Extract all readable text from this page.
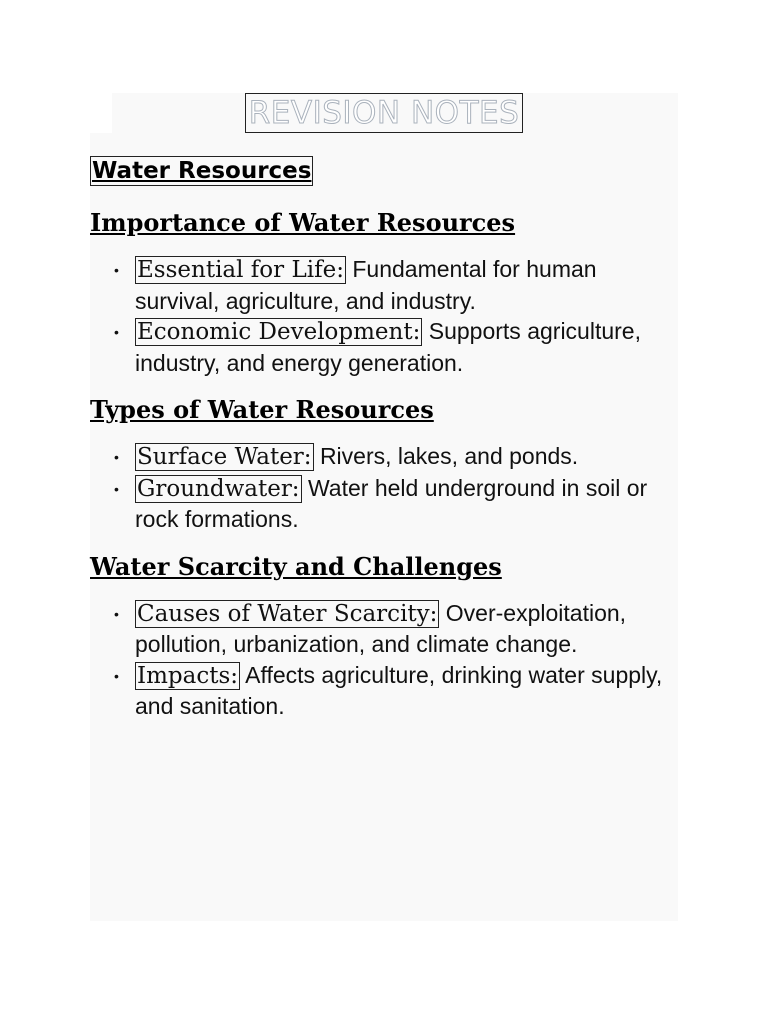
REVISION NOTES
Water Resources
Importance of Water Resources
• Essential for Life: Fundamental for human survival, agriculture, and industry.
• Economic Development: Supports agriculture, industry, and energy generation.
Types of Water Resources
• Surface Water: Rivers, lakes, and ponds.
• Groundwater: Water held underground in soil or rock formations.
Water Scarcity and Challenges
• Causes of Water Scarcity: Over-exploitation, pollution, urbanization, and climate change.
• Impacts: Affects agriculture, drinking water supply, and sanitation.
